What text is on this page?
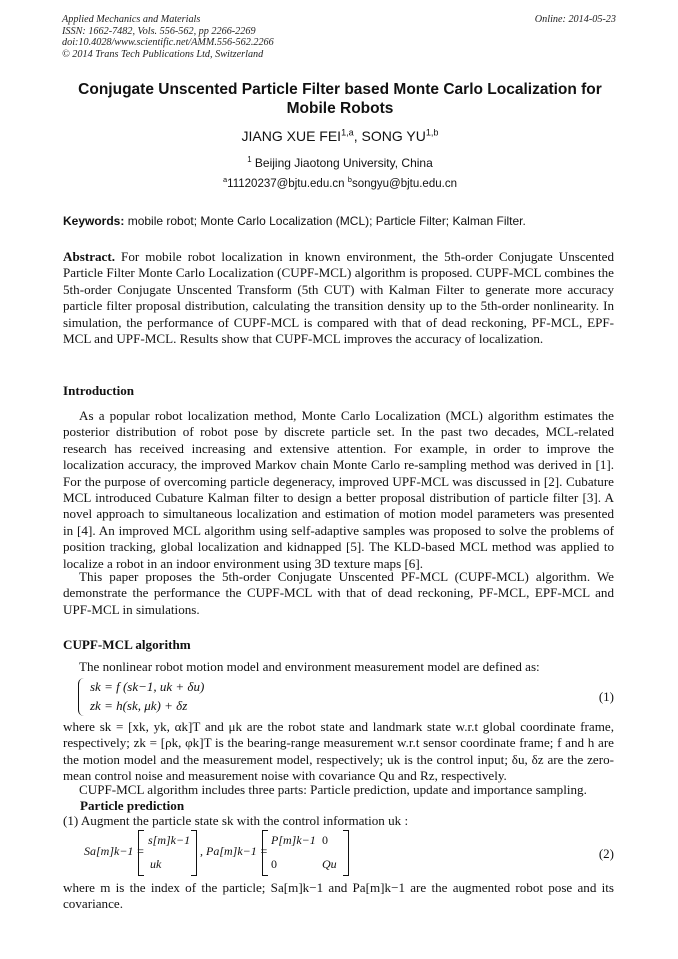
Applied Mechanics and Materials
ISSN: 1662-7482, Vols. 556-562, pp 2266-2269
doi:10.4028/www.scientific.net/AMM.556-562.2266
© 2014 Trans Tech Publications Ltd, Switzerland
Online: 2014-05-23
Conjugate Unscented Particle Filter based Monte Carlo Localization for
Mobile Robots
JIANG XUE FEI$^{1,a}$, SONG YU$^{1,b}$
$^1$ Beijing Jiaotong University, China
$^a$11120237@bjtu.edu.cn $^b$songyu@bjtu.edu.cn
Keywords: mobile robot; Monte Carlo Localization (MCL); Particle Filter; Kalman Filter.
Abstract. For mobile robot localization in known environment, the 5th-order Conjugate Unscented Particle Filter Monte Carlo Localization (CUPF-MCL) algorithm is proposed. CUPF-MCL combines the 5th-order Conjugate Unscented Transform (5th CUT) with Kalman Filter to generate more accuracy particle filter proposal distribution, calculating the transition density up to the 5th-order nonlinearity. In simulation, the performance of CUPF-MCL is compared with that of dead reckoning, PF-MCL, EPF-MCL and UPF-MCL. Results show that CUPF-MCL improves the accuracy of localization.
Introduction
As a popular robot localization method, Monte Carlo Localization (MCL) algorithm estimates the posterior distribution of robot pose by discrete particle set. In the past two decades, MCL-related research has received increasing and extensive attention. For example, in order to improve the localization accuracy, the improved Markov chain Monte Carlo re-sampling method was derived in [1]. For the purpose of overcoming particle degeneracy, improved UPF-MCL was discussed in [2]. Cubature MCL introduced Cubature Kalman filter to design a better proposal distribution of particle filter [3]. A novel approach to simultaneous localization and estimation of motion model parameters was presented in [4]. An improved MCL algorithm using self-adaptive samples was proposed to solve the problems of position tracking, global localization and kidnapped [5]. The KLD-based MCL method was applied to localize a robot in an indoor environment using 3D texture maps [6].
This paper proposes the 5th-order Conjugate Unscented PF-MCL (CUPF-MCL) algorithm. We demonstrate the performance the CUPF-MCL with that of dead reckoning, PF-MCL, EPF-MCL and UPF-MCL in simulations.
CUPF-MCL algorithm
The nonlinear robot motion model and environment measurement model are defined as:
sk = f (sk−1, uk + δu)
zk = h(sk, μk) + δz
(1)
where sk = [xk, yk, αk]T and μk are the robot state and landmark state w.r.t global coordinate frame, respectively; zk = [ρk, φk]T is the bearing-range measurement w.r.t sensor coordinate frame; f and h are the motion model and the measurement model, respectively; uk is the control input; δu, δz are the zero-mean control noise and measurement noise with covariance Qu and Rz, respectively.
CUPF-MCL algorithm includes three parts: Particle prediction, update and importance sampling.
Particle prediction
(1) Augment the particle state sk with the control information uk :
Sa[m]k−1 =
s[m]k−1
uk
, Pa[m]k−1 =
P[m]k−1 0
0	Qu
(2)
where m is the index of the particle; Sa[m]k−1 and Pa[m]k−1 are the augmented robot pose and its covariance.
